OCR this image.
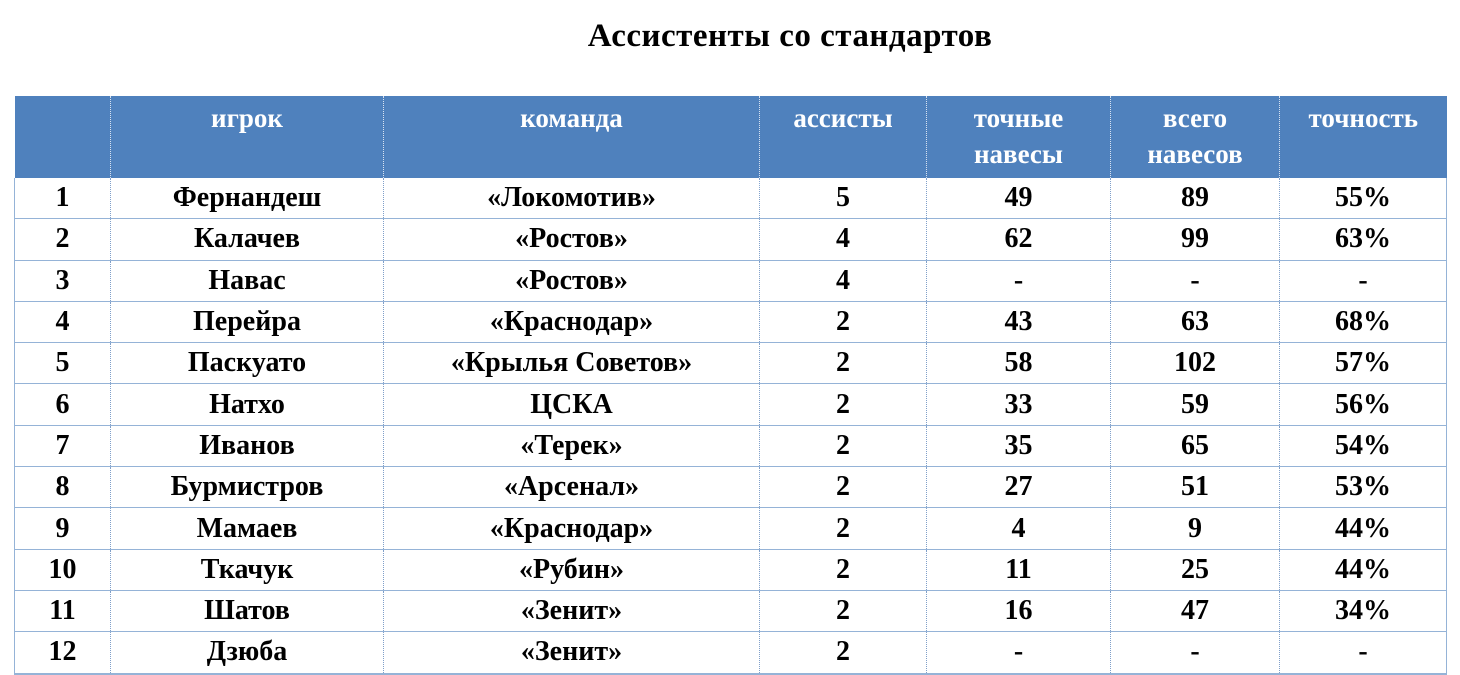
Ассистенты со стандартов
	игрок	команда	ассисты	точные навесы	всего навесов	точность
1	Фернандеш	«Локомотив»	5	49	89	55%
2	Калачев	«Ростов»	4	62	99	63%
3	Навас	«Ростов»	4	-	-	-
4	Перейра	«Краснодар»	2	43	63	68%
5	Паскуато	«Крылья Советов»	2	58	102	57%
6	Натхо	ЦСКА	2	33	59	56%
7	Иванов	«Терек»	2	35	65	54%
8	Бурмистров	«Арсенал»	2	27	51	53%
9	Мамаев	«Краснодар»	2	4	9	44%
10	Ткачук	«Рубин»	2	11	25	44%
11	Шатов	«Зенит»	2	16	47	34%
12	Дзюба	«Зенит»	2	-	-	-
